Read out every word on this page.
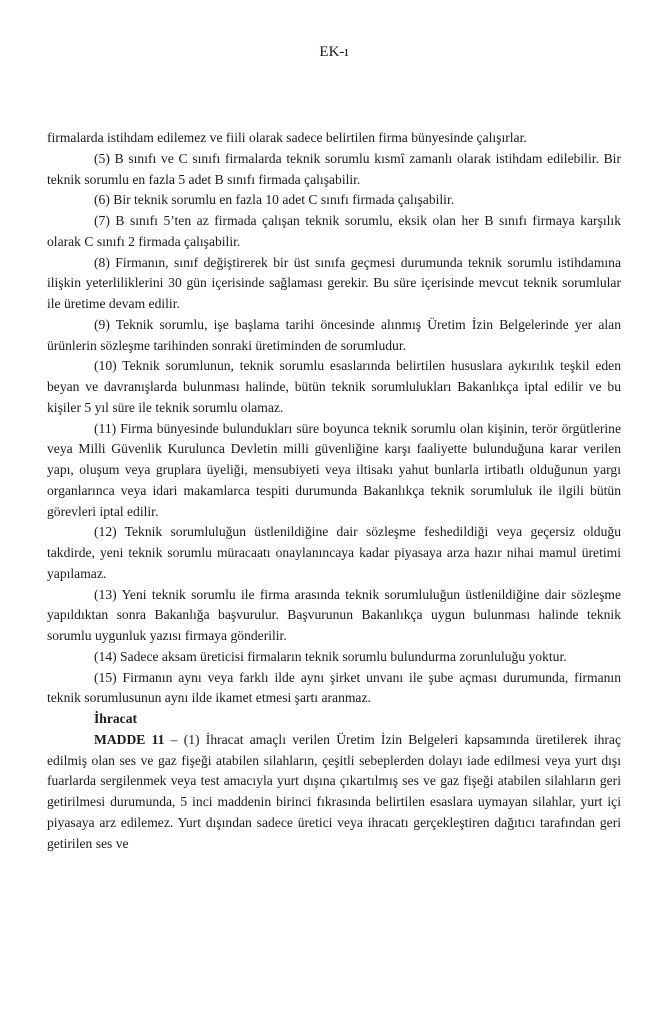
EK-ı

firmalarda istihdam edilemez ve fiili olarak sadece belirtilen firma bünyesinde çalışırlar.

(5) B sınıfı ve C sınıfı firmalarda teknik sorumlu kısmî zamanlı olarak istihdam edilebilir. Bir teknik sorumlu en fazla 5 adet B sınıfı firmada çalışabilir.

(6) Bir teknik sorumlu en fazla 10 adet C sınıfı firmada çalışabilir.

(7) B sınıfı 5’ten az firmada çalışan teknik sorumlu, eksik olan her B sınıfı firmaya karşılık olarak C sınıfı 2 firmada çalışabilir.

(8) Firmanın, sınıf değiştirerek bir üst sınıfa geçmesi durumunda teknik sorumlu istihdamına ilişkin yeterliliklerini 30 gün içerisinde sağlaması gerekir. Bu süre içerisinde mevcut teknik sorumlular ile üretime devam edilir.

(9) Teknik sorumlu, işe başlama tarihi öncesinde alınmış Üretim İzin Belgelerinde yer alan ürünlerin sözleşme tarihinden sonraki üretiminden de sorumludur.

(10) Teknik sorumlunun, teknik sorumlu esaslarında belirtilen hususlara aykırılık teşkil eden beyan ve davranışlarda bulunması halinde, bütün teknik sorumlulukları Bakanlıkça iptal edilir ve bu kişiler 5 yıl süre ile teknik sorumlu olamaz.

(11) Firma bünyesinde bulundukları süre boyunca teknik sorumlu olan kişinin, terör örgütlerine veya Milli Güvenlik Kurulunca Devletin milli güvenliğine karşı faaliyette bulunduğuna karar verilen yapı, oluşum veya gruplara üyeliği, mensubiyeti veya iltisakı yahut bunlarla irtibatlı olduğunun yargı organlarınca veya idari makamlarca tespiti durumunda Bakanlıkça teknik sorumluluk ile ilgili bütün görevleri iptal edilir.

(12) Teknik sorumluluğun üstlenildiğine dair sözleşme feshedildiği veya geçersiz olduğu takdirde, yeni teknik sorumlu müracaatı onaylanıncaya kadar piyasaya arza hazır nihai mamul üretimi yapılamaz.

(13) Yeni teknik sorumlu ile firma arasında teknik sorumluluğun üstlenildiğine dair sözleşme yapıldıktan sonra Bakanlığa başvurulur. Başvurunun Bakanlıkça uygun bulunması halinde teknik sorumlu uygunluk yazısı firmaya gönderilir.

(14) Sadece aksam üreticisi firmaların teknik sorumlu bulundurma zorunluluğu yoktur.

(15) Firmanın aynı veya farklı ilde aynı şirket unvanı ile şube açması durumunda, firmanın teknik sorumlusunun aynı ilde ikamet etmesi şartı aranmaz.

İhracat

MADDE 11 – (1) İhracat amaçlı verilen Üretim İzin Belgeleri kapsamında üretilerek ihraç edilmiş olan ses ve gaz fişeği atabilen silahların, çeşitli sebeplerden dolayı iade edilmesi veya yurt dışı fuarlarda sergilenmek veya test amacıyla yurt dışına çıkartılmış ses ve gaz fişeği atabilen silahların geri getirilmesi durumunda, 5 inci maddenin birinci fıkrasında belirtilen esaslara uymayan silahlar, yurt içi piyasaya arz edilemez. Yurt dışından sadece üretici veya ihracatı gerçekleştiren dağıtıcı tarafından geri getirilen ses ve
